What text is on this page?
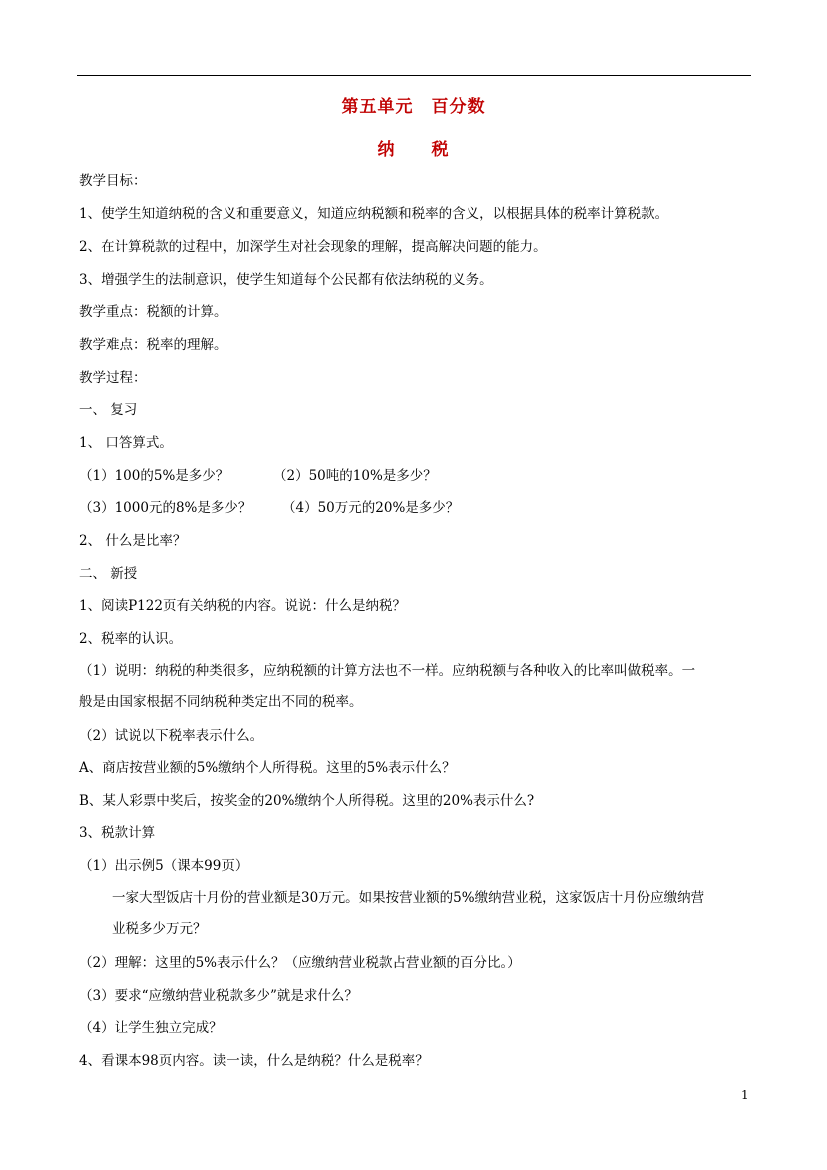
第五单元　百分数
纳 税
教学目标：
1、使学生知道纳税的含义和重要意义，知道应纳税额和税率的含义，以根据具体的税率计算税款。
2、在计算税款的过程中，加深学生对社会现象的理解，提高解决问题的能力。
3、增强学生的法制意识，使学生知道每个公民都有依法纳税的义务。
教学重点：税额的计算。
教学难点：税率的理解。
教学过程：
一、 复习
1、 口答算式。
（1）100的5%是多少？	（2）50吨的10%是多少？
（3）1000元的8%是多少？ （4）50万元的20%是多少？
2、 什么是比率？
二、 新授
1、阅读P122页有关纳税的内容。说说：什么是纳税？
2、税率的认识。
（1）说明：纳税的种类很多，应纳税额的计算方法也不一样。应纳税额与各种收入的比率叫做税率。一
般是由国家根据不同纳税种类定出不同的税率。
（2）试说以下税率表示什么。
A、商店按营业额的5%缴纳个人所得税。这里的5%表示什么？
B、某人彩票中奖后，按奖金的20%缴纳个人所得税。这里的20%表示什么?
3、税款计算
（1）出示例5（课本99页）
一家大型饭店十月份的营业额是30万元。如果按营业额的5%缴纳营业税，这家饭店十月份应缴纳营
业税多少万元？
（2）理解：这里的5%表示什么？（应缴纳营业税款占营业额的百分比。）
（3）要求“应缴纳营业税款多少”就是求什么？
（4）让学生独立完成？
4、看课本98页内容。读一读，什么是纳税？什么是税率？
1
